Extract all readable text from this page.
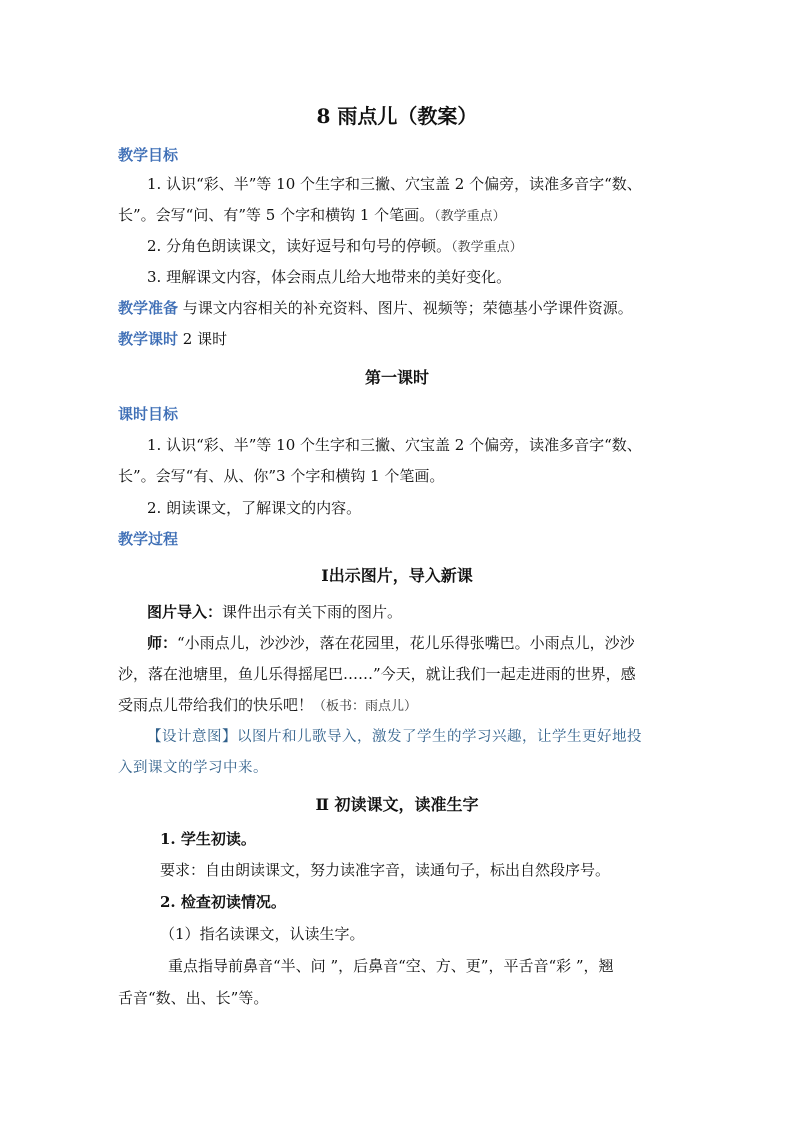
8 雨点儿（教案）
教学目标
1. 认识“彩、半”等 10 个生字和三撇、穴宝盖 2 个偏旁，读准多音字“数、
长”。会写“问、有”等 5 个字和横钩 1 个笔画。（教学重点）
2. 分角色朗读课文，读好逗号和句号的停顿。（教学重点）
3. 理解课文内容，体会雨点儿给大地带来的美好变化。
教学准备 与课文内容相关的补充资料、图片、视频等；荣德基小学课件资源。
教学课时 2 课时
第一课时
课时目标
1. 认识“彩、半”等 10 个生字和三撇、穴宝盖 2 个偏旁，读准多音字“数、
长”。会写“有、从、你”3 个字和横钩 1 个笔画。
2. 朗读课文，了解课文的内容。
教学过程
Ⅰ出示图片，导入新课
图片导入：课件出示有关下雨的图片。
师：“小雨点儿，沙沙沙，落在花园里，花儿乐得张嘴巴。小雨点儿，沙沙
沙，落在池塘里，鱼儿乐得摇尾巴……”今天，就让我们一起走进雨的世界，感
受雨点儿带给我们的快乐吧！（板书：雨点儿）
【设计意图】以图片和儿歌导入，激发了学生的学习兴趣，让学生更好地投
入到课文的学习中来。
Ⅱ 初读课文，读准生字
1. 学生初读。
要求：自由朗读课文，努力读准字音，读通句子，标出自然段序号。
2. 检查初读情况。
（1）指名读课文，认读生字。
重点指导前鼻音“半、问 ”，后鼻音“空、方、更”，平舌音“彩 ”，翘
舌音“数、出、长”等。
